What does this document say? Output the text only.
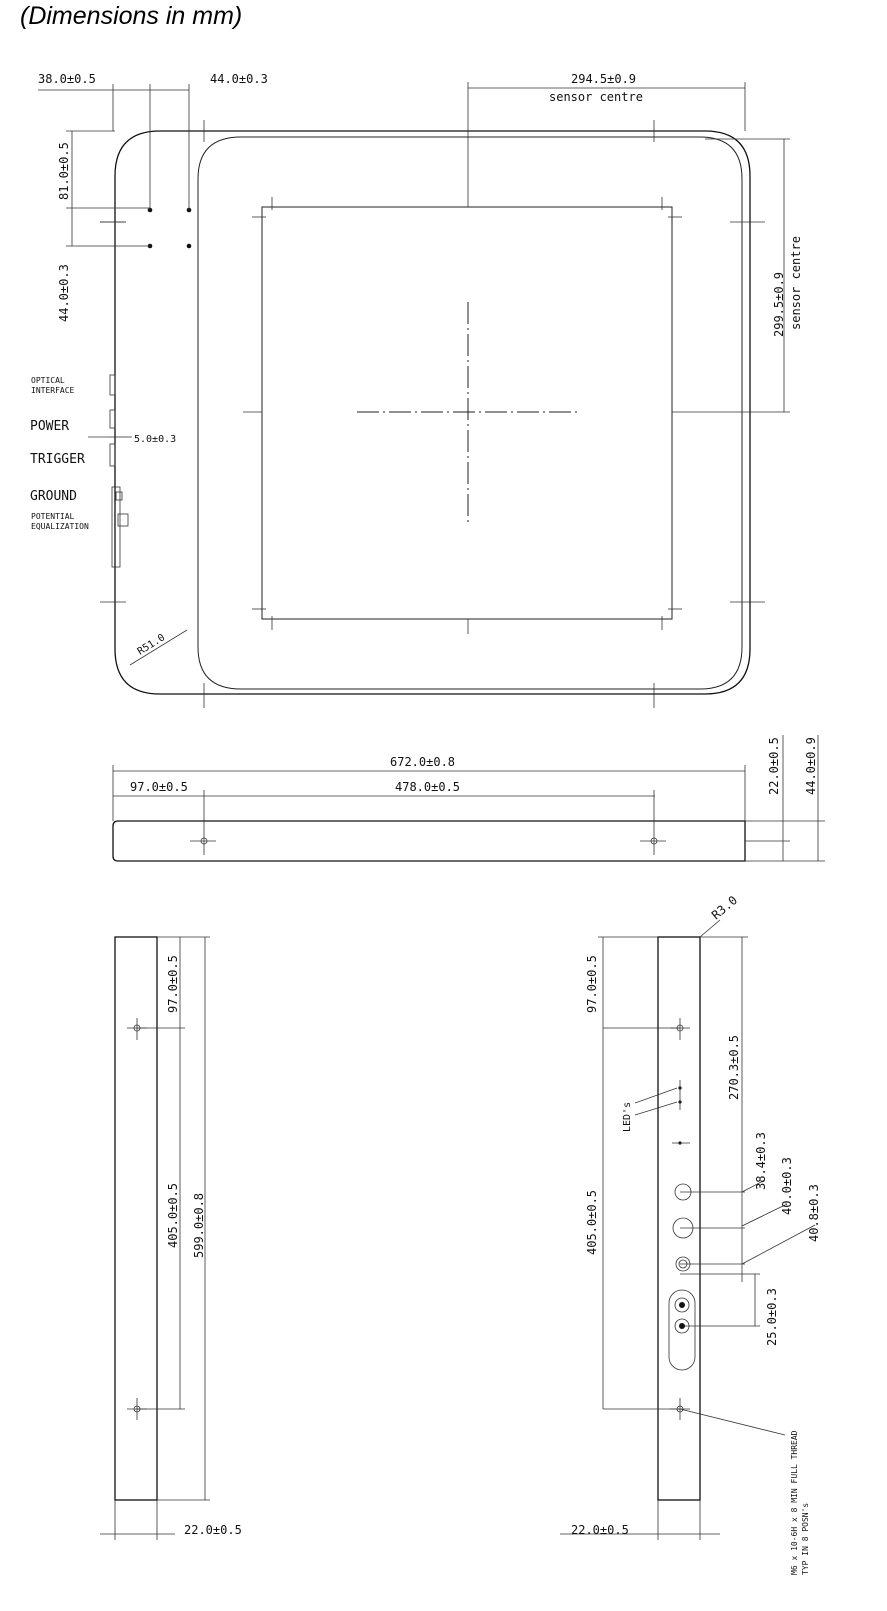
(Dimensions in mm)
38.0±0.5	44.0±0.3
81.0±0.5
44.0±0.3
294.5±0.9
sensor centre
299.5±0.9 sensor centre
OPTICAL
INTERFACE
POWER
5.0±0.3
TRIGGER
GROUND
POTENTIAL
EQUALIZATION
R51.0
672.0±0.8
97.0±0.5	478.0±0.5	22.0±0.5 44.0±0.9
97.0±0.5
405.0±0.5 599.0±0.8
22.0±0.5
R3.0
97.0±0.5
270.3±0.5
LED's
38.4±0.3 40.0±0.3 40.8±0.3
405.0±0.5
25.0±0.3
M6 x 10-6H x 8 MIN FULL THREAD TYP IN 8 POSN's
22.0±0.5
